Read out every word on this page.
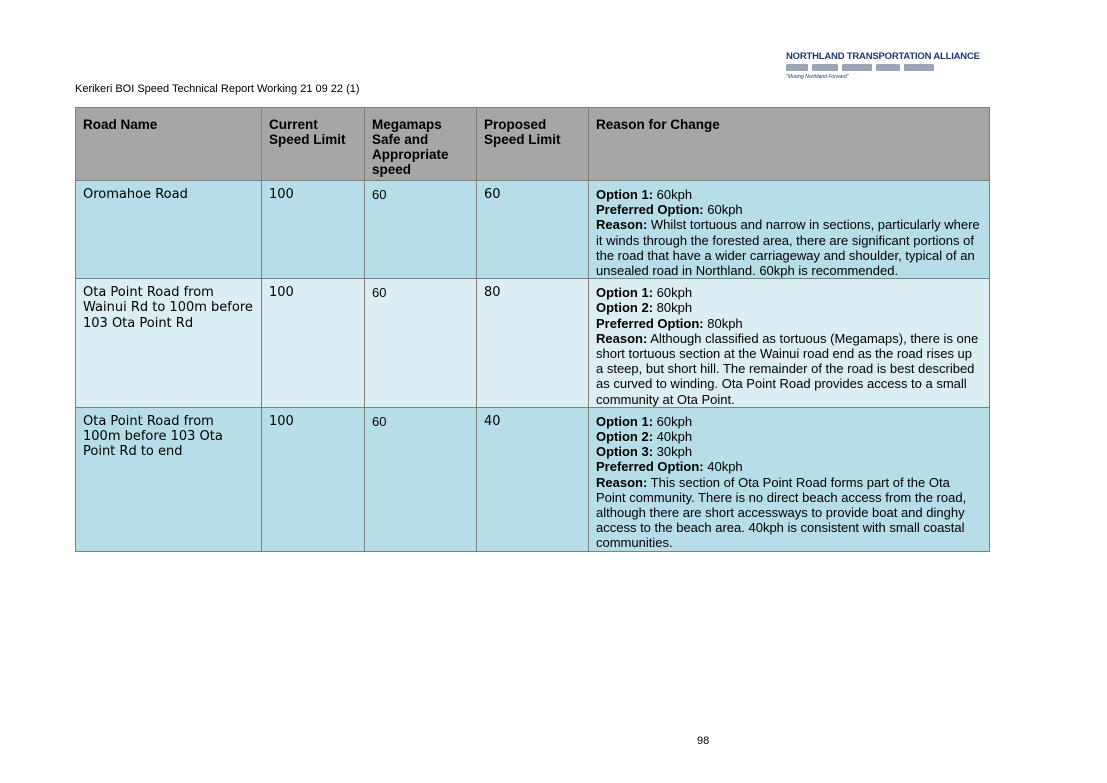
Kerikeri BOI Speed Technical Report Working 21 09 22 (1)
NORTHLAND TRANSPORTATION ALLIANCE
"Moving Northland Forward"
Road Name	Current Speed Limit	Megamaps Safe and Appropriate speed	Proposed Speed Limit	Reason for Change
Oromahoe Road	100	60	60	Option 1: 60kph
Preferred Option: 60kph
Reason: Whilst tortuous and narrow in sections, particularly where it winds through the forested area, there are significant portions of the road that have a wider carriageway and shoulder, typical of an unsealed road in Northland. 60kph is recommended.
Ota Point Road from Wainui Rd to 100m before 103 Ota Point Rd	100	60	80	Option 1: 60kph
Option 2: 80kph
Preferred Option: 80kph
Reason: Although classified as tortuous (Megamaps), there is one short tortuous section at the Wainui road end as the road rises up a steep, but short hill. The remainder of the road is best described as curved to winding. Ota Point Road provides access to a small community at Ota Point.
Ota Point Road from 100m before 103 Ota Point Rd to end	100	60	40	Option 1: 60kph
Option 2: 40kph
Option 3: 30kph
Preferred Option: 40kph
Reason: This section of Ota Point Road forms part of the Ota Point community. There is no direct beach access from the road, although there are short accessways to provide boat and dinghy access to the beach area. 40kph is consistent with small coastal communities.
98
